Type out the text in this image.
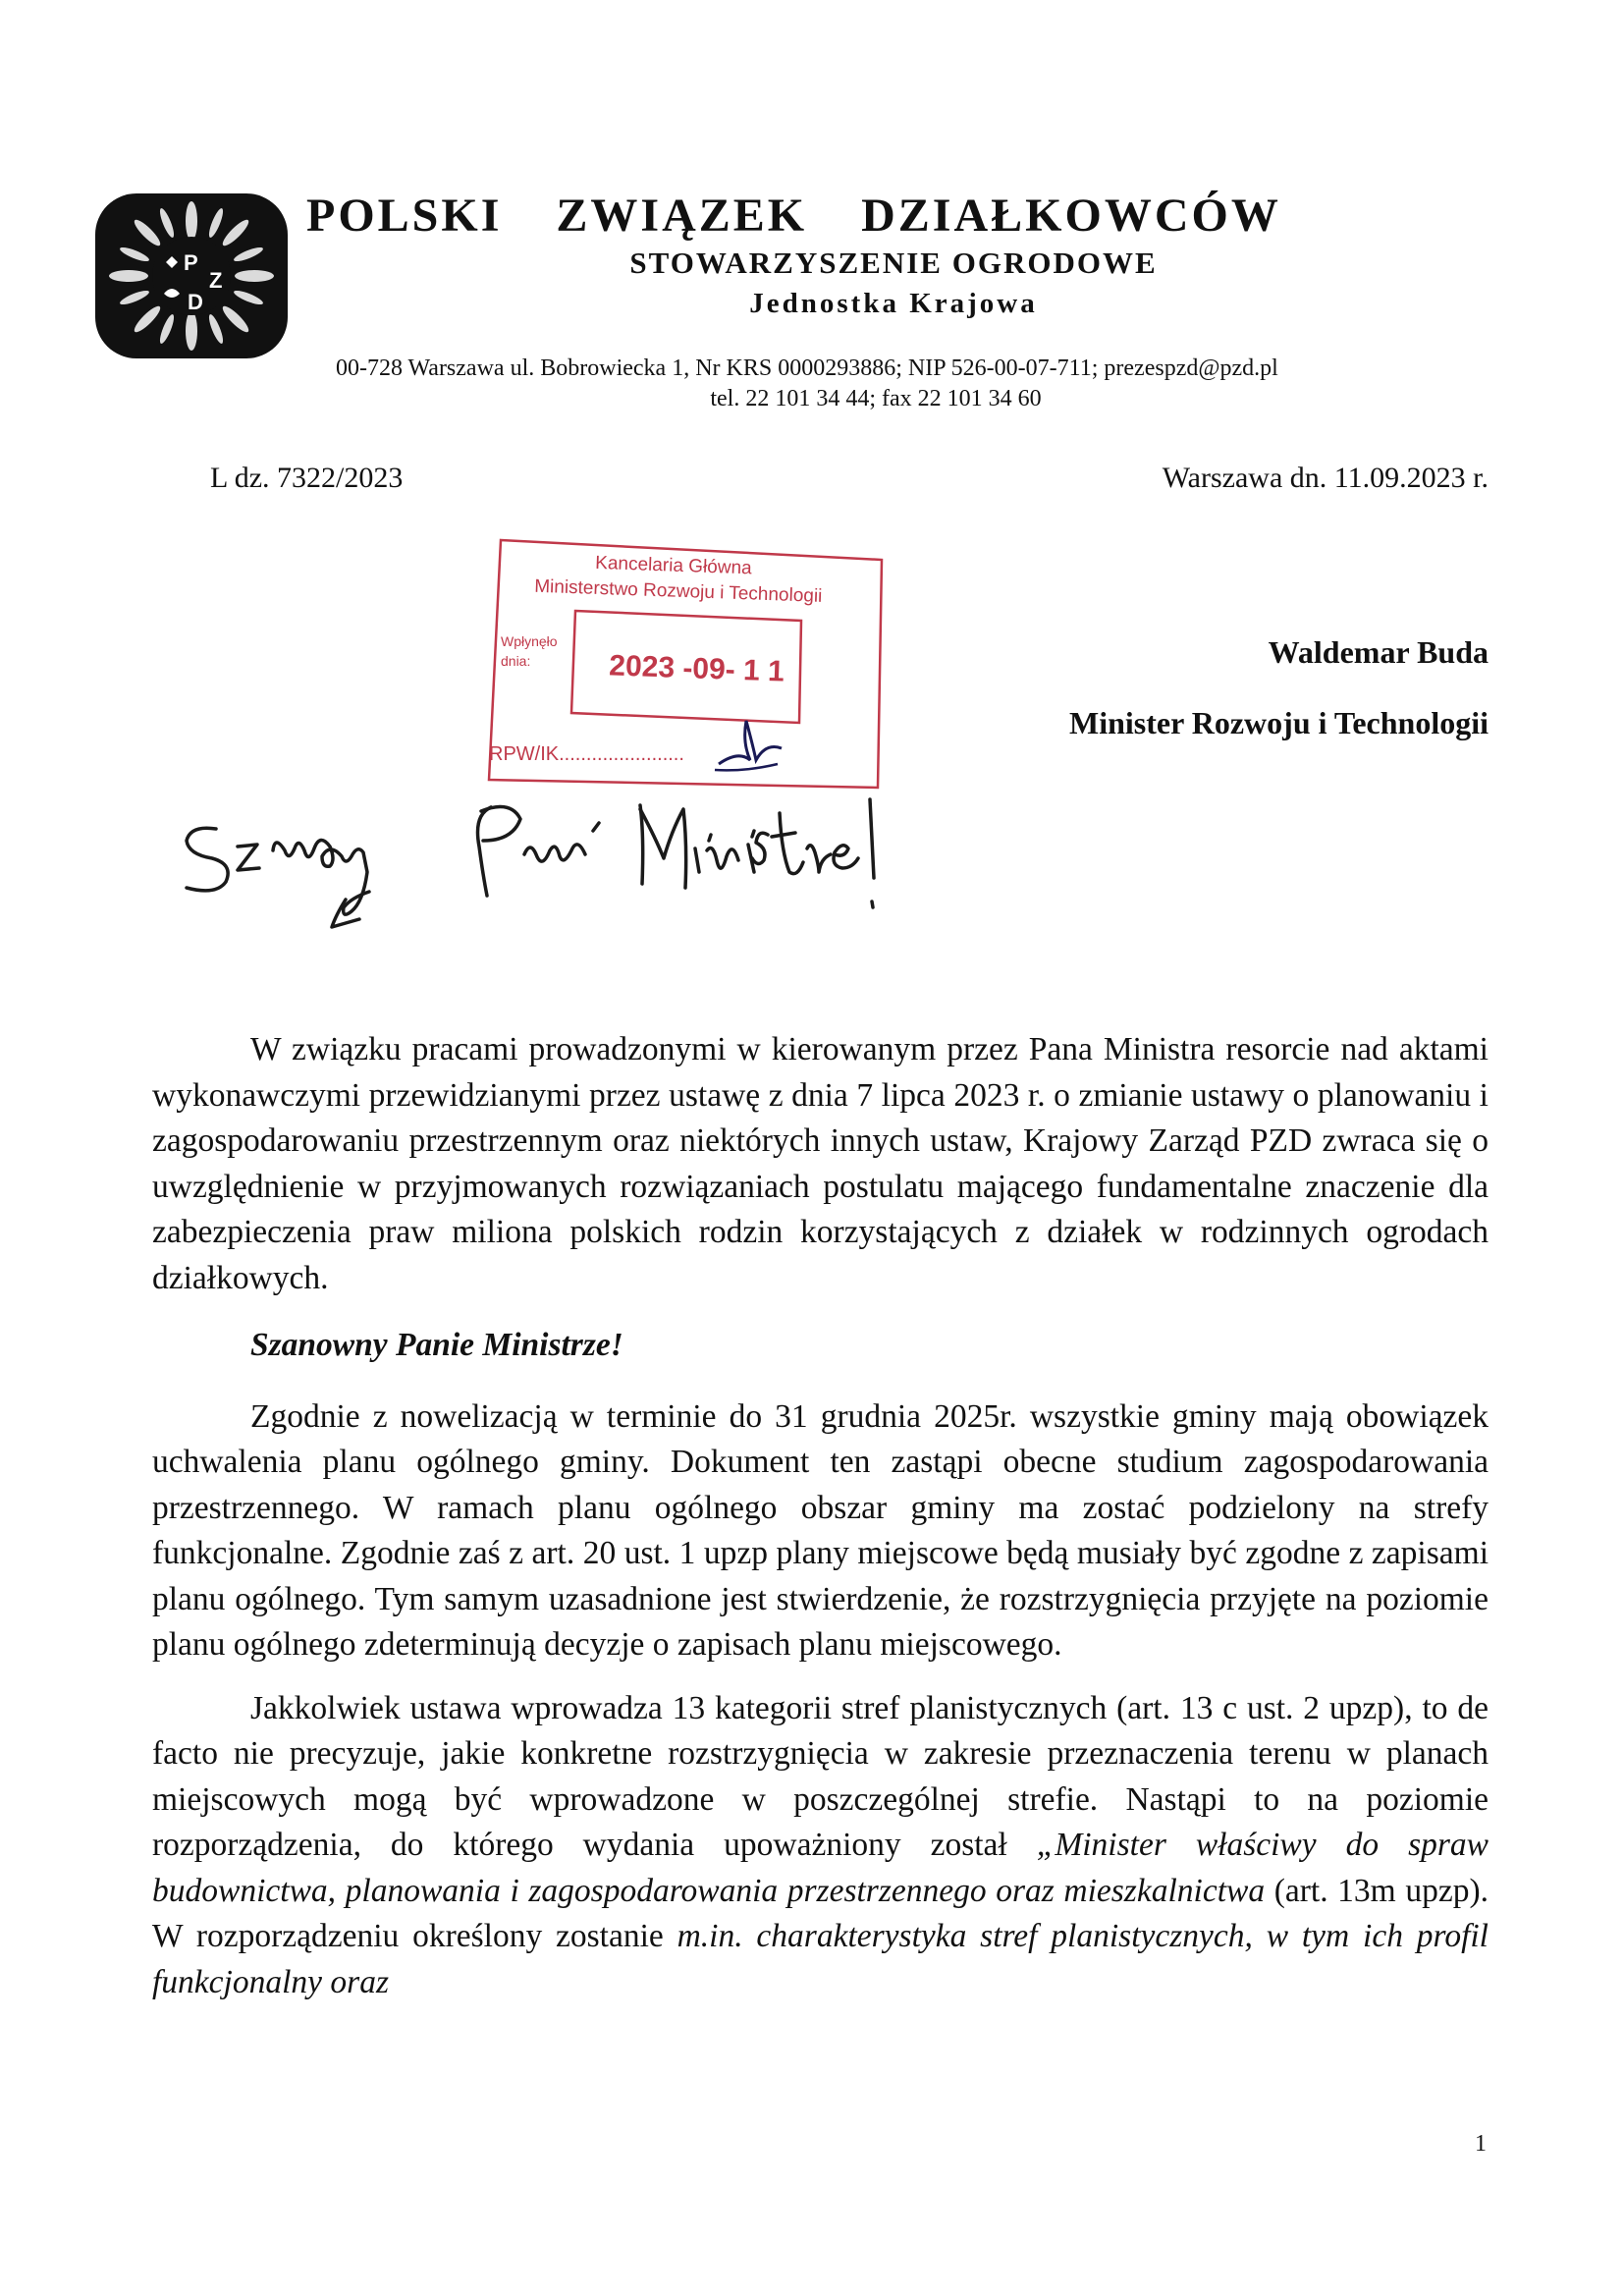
P
Z
D
POLSKI ZWIĄZEK DZIAŁKOWCÓW
STOWARZYSZENIE OGRODOWE
Jednostka Krajowa
00-728 Warszawa ul. Bobrowiecka 1, Nr KRS 0000293886; NIP 526-00-07-711; prezespzd@pzd.pl
tel. 22 101 34 44; fax 22 101 34 60
L dz. 7322/2023	Warszawa dn. 11.09.2023 r.
Kancelaria Główna
Ministerstwo Rozwoju i Technologii
Wpłynęło
dnia:	2023 -09- 1 1
RPW/IK.......................
Waldemar Buda
Minister Rozwoju i Technologii

W związku pracami prowadzonymi w kierowanym przez Pana Ministra resorcie nad aktami wykonawczymi przewidzianymi przez ustawę z dnia 7 lipca 2023 r. o zmianie ustawy o planowaniu i zagospodarowaniu przestrzennym oraz niektórych innych ustaw, Krajowy Zarząd PZD zwraca się o uwzględnienie w przyjmowanych rozwiązaniach postulatu mającego fundamentalne znaczenie dla zabezpieczenia praw miliona polskich rodzin korzystających z działek w rodzinnych ogrodach działkowych.

Szanowny Panie Ministrze!

Zgodnie z nowelizacją w terminie do 31 grudnia 2025r. wszystkie gminy mają obowiązek uchwalenia planu ogólnego gminy. Dokument ten zastąpi obecne studium zagospodarowania przestrzennego. W ramach planu ogólnego obszar gminy ma zostać podzielony na strefy funkcjonalne. Zgodnie zaś z art. 20 ust. 1 upzp plany miejscowe będą musiały być zgodne z zapisami planu ogólnego. Tym samym uzasadnione jest stwierdzenie, że rozstrzygnięcia przyjęte na poziomie planu ogólnego zdeterminują decyzje o zapisach planu miejscowego.

Jakkolwiek ustawa wprowadza 13 kategorii stref planistycznych (art. 13 c ust. 2 upzp), to de facto nie precyzuje, jakie konkretne rozstrzygnięcia w zakresie przeznaczenia terenu w planach miejscowych mogą być wprowadzone w poszczególnej strefie. Nastąpi to na poziomie rozporządzenia, do którego wydania upoważniony został „Minister właściwy do spraw budownictwa, planowania i zagospodarowania przestrzennego oraz mieszkalnictwa (art. 13m upzp). W rozporządzeniu określony zostanie m.in. charakterystyka stref planistycznych, w tym ich profil funkcjonalny oraz

1
